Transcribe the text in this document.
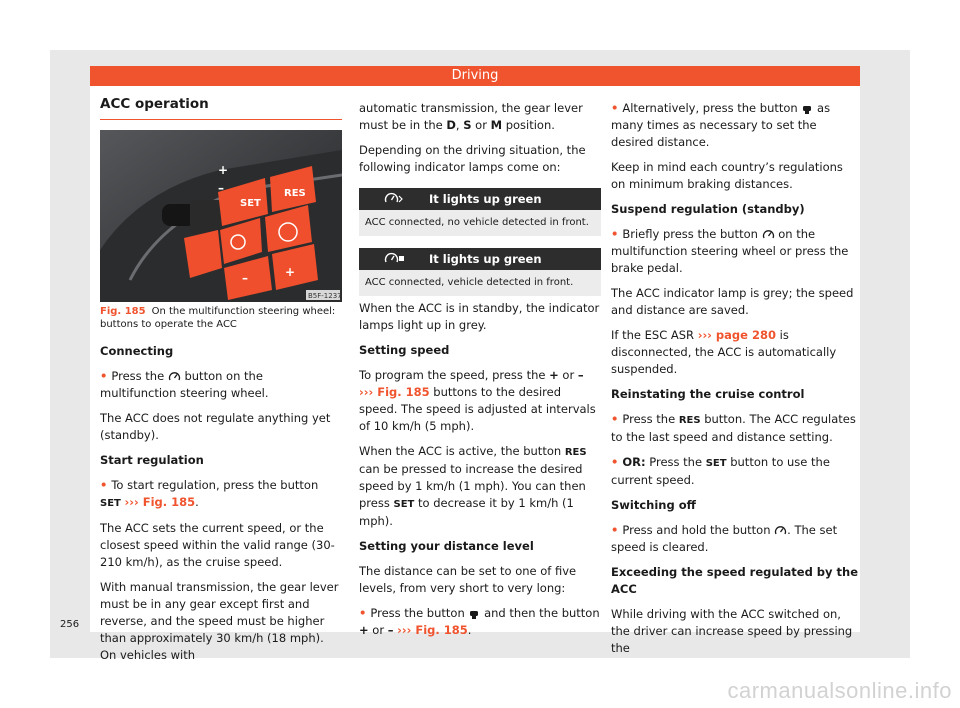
Driving
ACC operation
SET
RES
+
–
+
–
B5F-1237
Fig. 185 On the multifunction steering wheel: buttons to operate the ACC

Connecting

• Press the button on the multifunction steering wheel.

The ACC does not regulate anything yet (standby).

Start regulation

• To start regulation, press the button SET ››› Fig. 185.

The ACC sets the current speed, or the closest speed within the valid range (30-210 km/h), as the cruise speed.

With manual transmission, the gear lever must be in any gear except first and reverse, and the speed must be higher than approximately 30 km/h (18 mph). On vehicles with

automatic transmission, the gear lever must be in the D, S or M position.

Depending on the driving situation, the following indicator lamps come on:

It lights up green
ACC connected, no vehicle detected in front.
It lights up green
ACC connected, vehicle detected in front.

When the ACC is in standby, the indicator lamps light up in grey.

Setting speed

To program the speed, press the + or – ››› Fig. 185 buttons to the desired speed. The speed is adjusted at intervals of 10 km/h (5 mph).

When the ACC is active, the button RES can be pressed to increase the desired speed by 1 km/h (1 mph). You can then press SET to decrease it by 1 km/h (1 mph).

Setting your distance level

The distance can be set to one of five levels, from very short to very long:

• Press the button and then the button + or – ››› Fig. 185.

• Alternatively, press the button as many times as necessary to set the desired distance.

Keep in mind each country’s regulations on minimum braking distances.

Suspend regulation (standby)

• Briefly press the button on the multifunction steering wheel or press the brake pedal.

The ACC indicator lamp is grey; the speed and distance are saved.

If the ESC ASR ››› page 280 is disconnected, the ACC is automatically suspended.

Reinstating the cruise control

• Press the RES button. The ACC regulates to the last speed and distance setting.

• OR: Press the SET button to use the current speed.

Switching off

• Press and hold the button . The set speed is cleared.

Exceeding the speed regulated by the ACC

While driving with the ACC switched on, the driver can increase speed by pressing the

256
carmanualsonline.info
